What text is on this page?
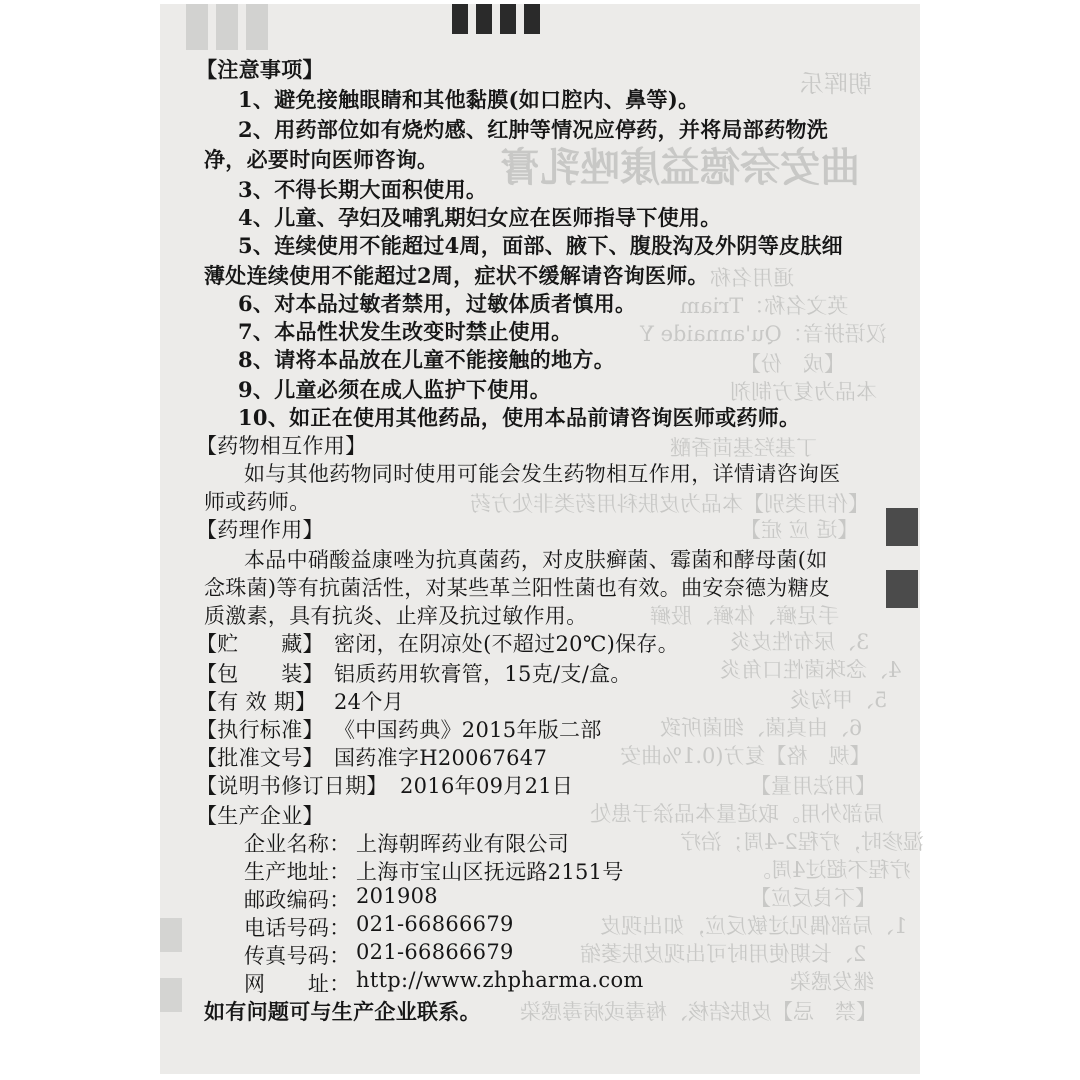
朝晖乐
曲安奈德益康唑乳膏
通用名称
英文名称：Triam
汉语拼音：Qu'annaide Y
【成　份】
本品为复方制剂
丁基羟基茴香醚
【作用类别】本品为皮肤科用药类非处方药
【适 应 症】
手足癣、体癣、股癣
3、尿布性皮炎
4、念珠菌性口角炎
5、甲沟炎
6、由真菌、细菌所致
【规　格】复方(0.1%曲安
【用法用量】
局部外用。取适量本品涂于患处
湿疹时，疗程2-4周；治疗
疗程不超过4周。
【不良反应】
1、局部偶见过敏反应，如出现皮
2、长期使用时可出现皮肤萎缩
继发感染
【禁　忌】皮肤结核、梅毒或病毒感染
【注意事项】
1、避免接触眼睛和其他黏膜(如口腔内、鼻等)。
2、用药部位如有烧灼感、红肿等情况应停药，并将局部药物洗
净，必要时向医师咨询。
3、不得长期大面积使用。
4、儿童、孕妇及哺乳期妇女应在医师指导下使用。
5、连续使用不能超过4周，面部、腋下、腹股沟及外阴等皮肤细
薄处连续使用不能超过2周，症状不缓解请咨询医师。
6、对本品过敏者禁用，过敏体质者慎用。
7、本品性状发生改变时禁止使用。
8、请将本品放在儿童不能接触的地方。
9、儿童必须在成人监护下使用。
10、如正在使用其他药品，使用本品前请咨询医师或药师。
【药物相互作用】
如与其他药物同时使用可能会发生药物相互作用，详情请咨询医
师或药师。
【药理作用】
本品中硝酸益康唑为抗真菌药，对皮肤癣菌、霉菌和酵母菌(如
念珠菌)等有抗菌活性，对某些革兰阳性菌也有效。曲安奈德为糖皮
质激素，具有抗炎、止痒及抗过敏作用。
【贮　　藏】 密闭，在阴凉处(不超过20℃)保存。
【包　　装】 铝质药用软膏管，15克/支/盒。
【有 效 期】 24个月
【执行标准】 《中国药典》2015年版二部
【批准文号】 国药准字H20067647
【说明书修订日期】 2016年09月21日
【生产企业】
企业名称： 上海朝晖药业有限公司
生产地址： 上海市宝山区抚远路2151号
邮政编码： 201908
电话号码： 021-66866679
传真号码： 021-66866679
网　　址： http://www.zhpharma.com
如有问题可与生产企业联系。
